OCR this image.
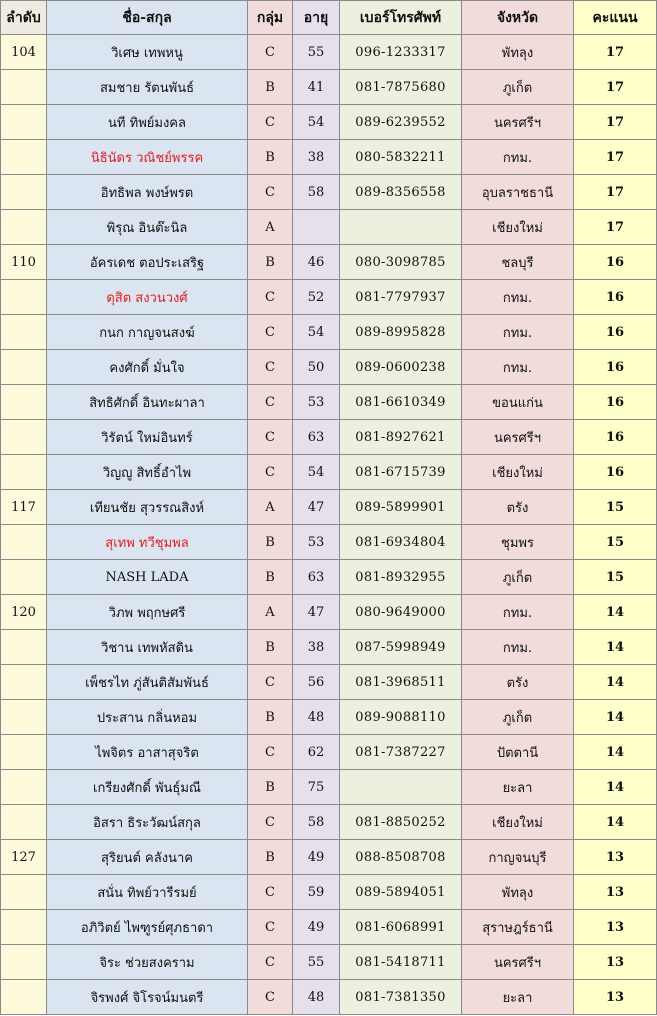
ลำดับ	ชื่อ-สกุล	กลุ่ม	อายุ	เบอร์โทรศัพท์	จังหวัด	คะแนน
104	วิเศษ เทพหนู	C	55	096-1233317	พัทลุง	17
	สมชาย รัตนพันธ์	B	41	081-7875680	ภูเก็ต	17
	นที ทิพย์มงคล	C	54	089-6239552	นครศรีฯ	17
	นิธินัดร วณิชย์พรรค	B	38	080-5832211	กทม.	17
	อิทธิพล พงษ์พรต	C	58	089-8356558	อุบลราชธานี	17
	พิรุณ อินต๊ะนิล	A			เชียงใหม่	17
110	อัครเดช ตอประเสริฐ	B	46	080-3098785	ชลบุรี	16
	ดุสิต สงวนวงศ์	C	52	081-7797937	กทม.	16
	กนก กาญจนสงฆ์	C	54	089-8995828	กทม.	16
	คงศักดิ์ มั่นใจ	C	50	089-0600238	กทม.	16
	สิทธิศักดิ์ อินทะผาลา	C	53	081-6610349	ขอนแก่น	16
	วิรัตน์ ใหม่อินทร์	C	63	081-8927621	นครศรีฯ	16
	วิญญู สิทธิ์อำไพ	C	54	081-6715739	เชียงใหม่	16
117	เทียนชัย สุวรรณสิงห์	A	47	089-5899901	ตรัง	15
	สุเทพ ทวีชุมพล	B	53	081-6934804	ชุมพร	15
	NASH LADA	B	63	081-8932955	ภูเก็ต	15
120	วิภพ พฤกษศรี	A	47	080-9649000	กทม.	14
	วิชาน เทพหัสดิน	B	38	087-5998949	กทม.	14
	เพ็ชรไท ภู่สันติสัมพันธ์	C	56	081-3968511	ตรัง	14
	ประสาน กลิ่นหอม	B	48	089-9088110	ภูเก็ต	14
	ไพจิตร อาสาสุจริต	C	62	081-7387227	ปัตตานี	14
	เกรียงศักดิ์ พันธุ์มณี	B	75		ยะลา	14
	อิสรา ธิระวัฒน์สกุล	C	58	081-8850252	เชียงใหม่	14
127	สุริยนต์ คลังนาค	B	49	088-8508708	กาญจนบุรี	13
	สนั่น ทิพย์วารีรมย์	C	59	089-5894051	พัทลุง	13
	อภิวิตย์ ไพฑูรย์ศุภธาดา	C	49	081-6068991	สุราษฎร์ธานี	13
	จิระ ช่วยสงคราม	C	55	081-5418711	นครศรีฯ	13
	จิรพงศ์ จิโรจน์มนตรี	C	48	081-7381350	ยะลา	13
